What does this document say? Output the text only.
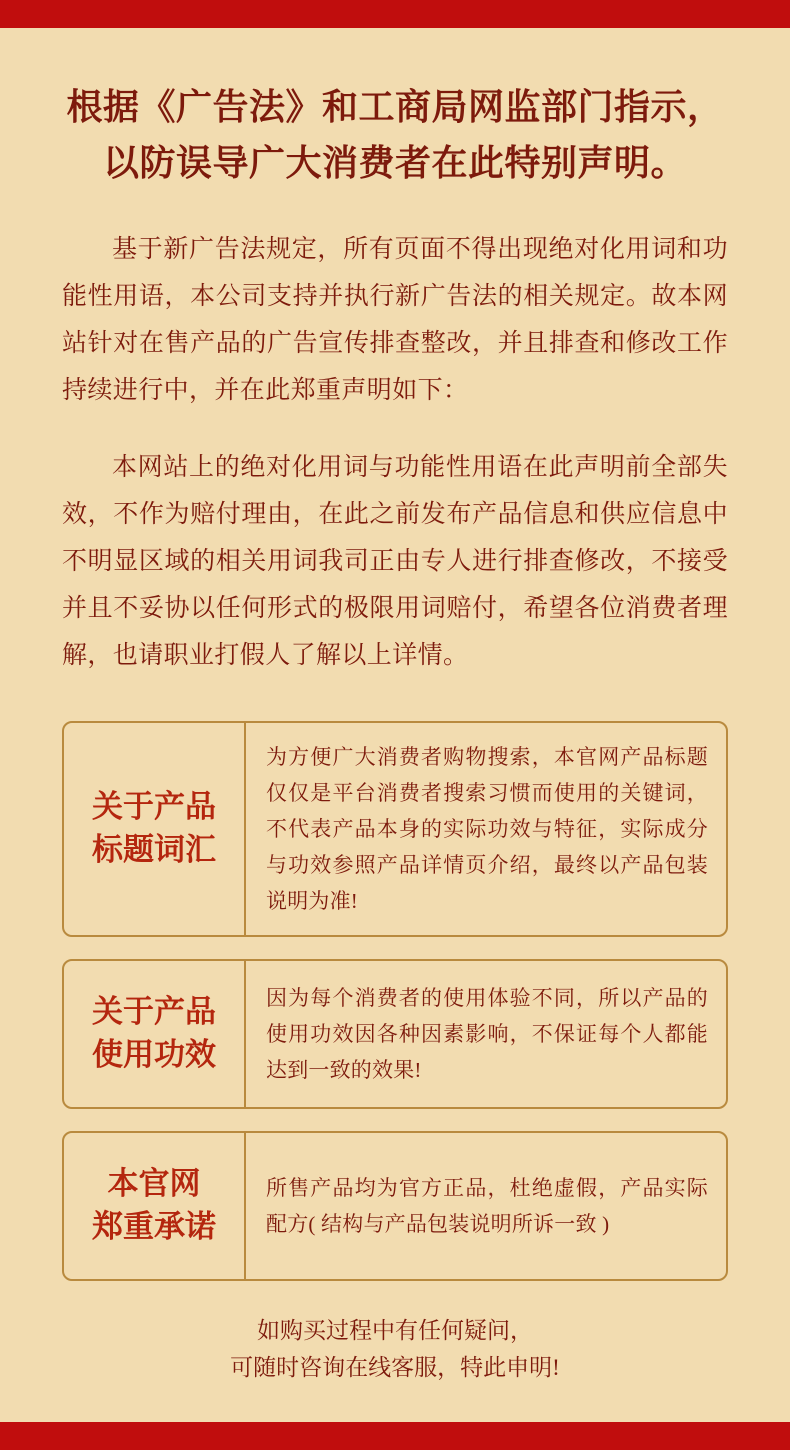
根据《广告法》和工商局网监部门指示，
以防误导广大消费者在此特别声明。

基于新广告法规定，所有页面不得出现绝对化用词和功能性用语，本公司支持并执行新广告法的相关规定。故本网站针对在售产品的广告宣传排查整改，并且排查和修改工作持续进行中，并在此郑重声明如下：

本网站上的绝对化用词与功能性用语在此声明前全部失效，不作为赔付理由，在此之前发布产品信息和供应信息中不明显区域的相关用词我司正由专人进行排查修改，不接受并且不妥协以任何形式的极限用词赔付，希望各位消费者理解，也请职业打假人了解以上详情。

关于产品
标题词汇
为方便广大消费者购物搜索，本官网产品标题仅仅是平台消费者搜索习惯而使用的关键词，不代表产品本身的实际功效与特征，实际成分与功效参照产品详情页介绍，最终以产品包装说明为准!
关于产品
使用功效
因为每个消费者的使用体验不同，所以产品的使用功效因各种因素影响，不保证每个人都能达到一致的效果!
本官网
郑重承诺
所售产品均为官方正品，杜绝虚假，产品实际配方( 结构与产品包装说明所诉一致 )

如购买过程中有任何疑问，
可随时咨询在线客服，特此申明!
